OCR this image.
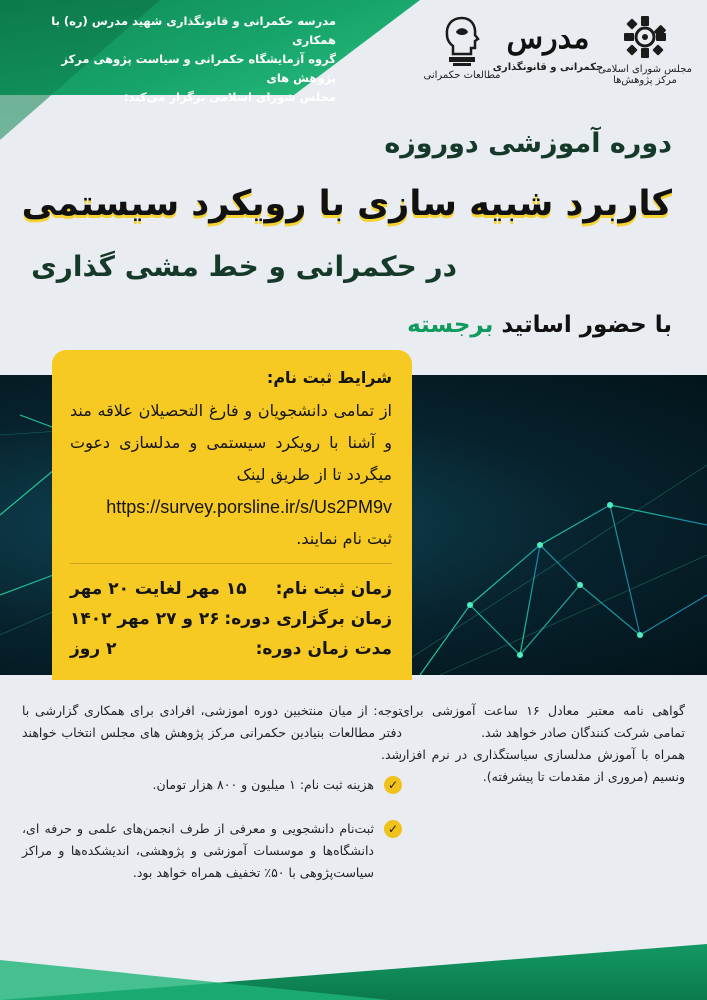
مدرسه حکمرانی و قانونگذاری شهید مدرس (ره) با همکاری
گروه آزمایشگاه حکمرانی و سیاست پژوهی مرکز پژوهش های
مجلس شورای اسلامی برگزار می‌کند:
مجلس شورای اسلامی
مرکز پژوهش‌ها
مدرس
حکمرانی و قانونگذاری
مطالعات حکمرانی
دوره آموزشی دوروزه
کاربرد شبیه سازی با رویکرد سیستمی
در حکمرانی و خط مشی گذاری
با حضور اساتید برجسته
شرایط ثبت نام:
از تمامی دانشجویان و فارغ التحصیلان علاقه مند و آشنا با رویکرد سیستمی و مدلسازی دعوت میگردد تا از طریق لینک
https://survey.porsline.ir/s/Us2PM9v
ثبت نام نمایند.
زمان ثبت نام:
۱۵ مهر لغایت ۲۰ مهر
زمان برگزاری دوره:
۲۶ و ۲۷ مهر ۱۴۰۲
مدت زمان دوره:
۲ روز

گواهی نامه معتبر معادل ۱۶ ساعت آموزشی برای تمامی شرکت کنندگان صادر خواهد شد.

همراه با آموزش مدلسازی سیاستگذاری در نرم افزار ونسیم (مروری از مقدمات تا پیشرفته).

توجه: از میان منتخبین دوره اموزشی، افرادی برای همکاری گزارشی با دفتر مطالعات بنیادین حکمرانی مرکز پژوهش های مجلس انتخاب خواهند شد.

✓
هزینه ثبت نام: ۱ میلیون و ۸۰۰ هزار تومان.
✓
ثبت‌نام دانشجویی و معرفی از طرف انجمن‌های علمی و حرفه ای، دانشگاه‌ها و موسسات آموزشی و پژوهشی، اندیشکده‌ها و مراکز سیاست‌پژوهی با ۵۰٪ تخفیف همراه خواهد بود.
